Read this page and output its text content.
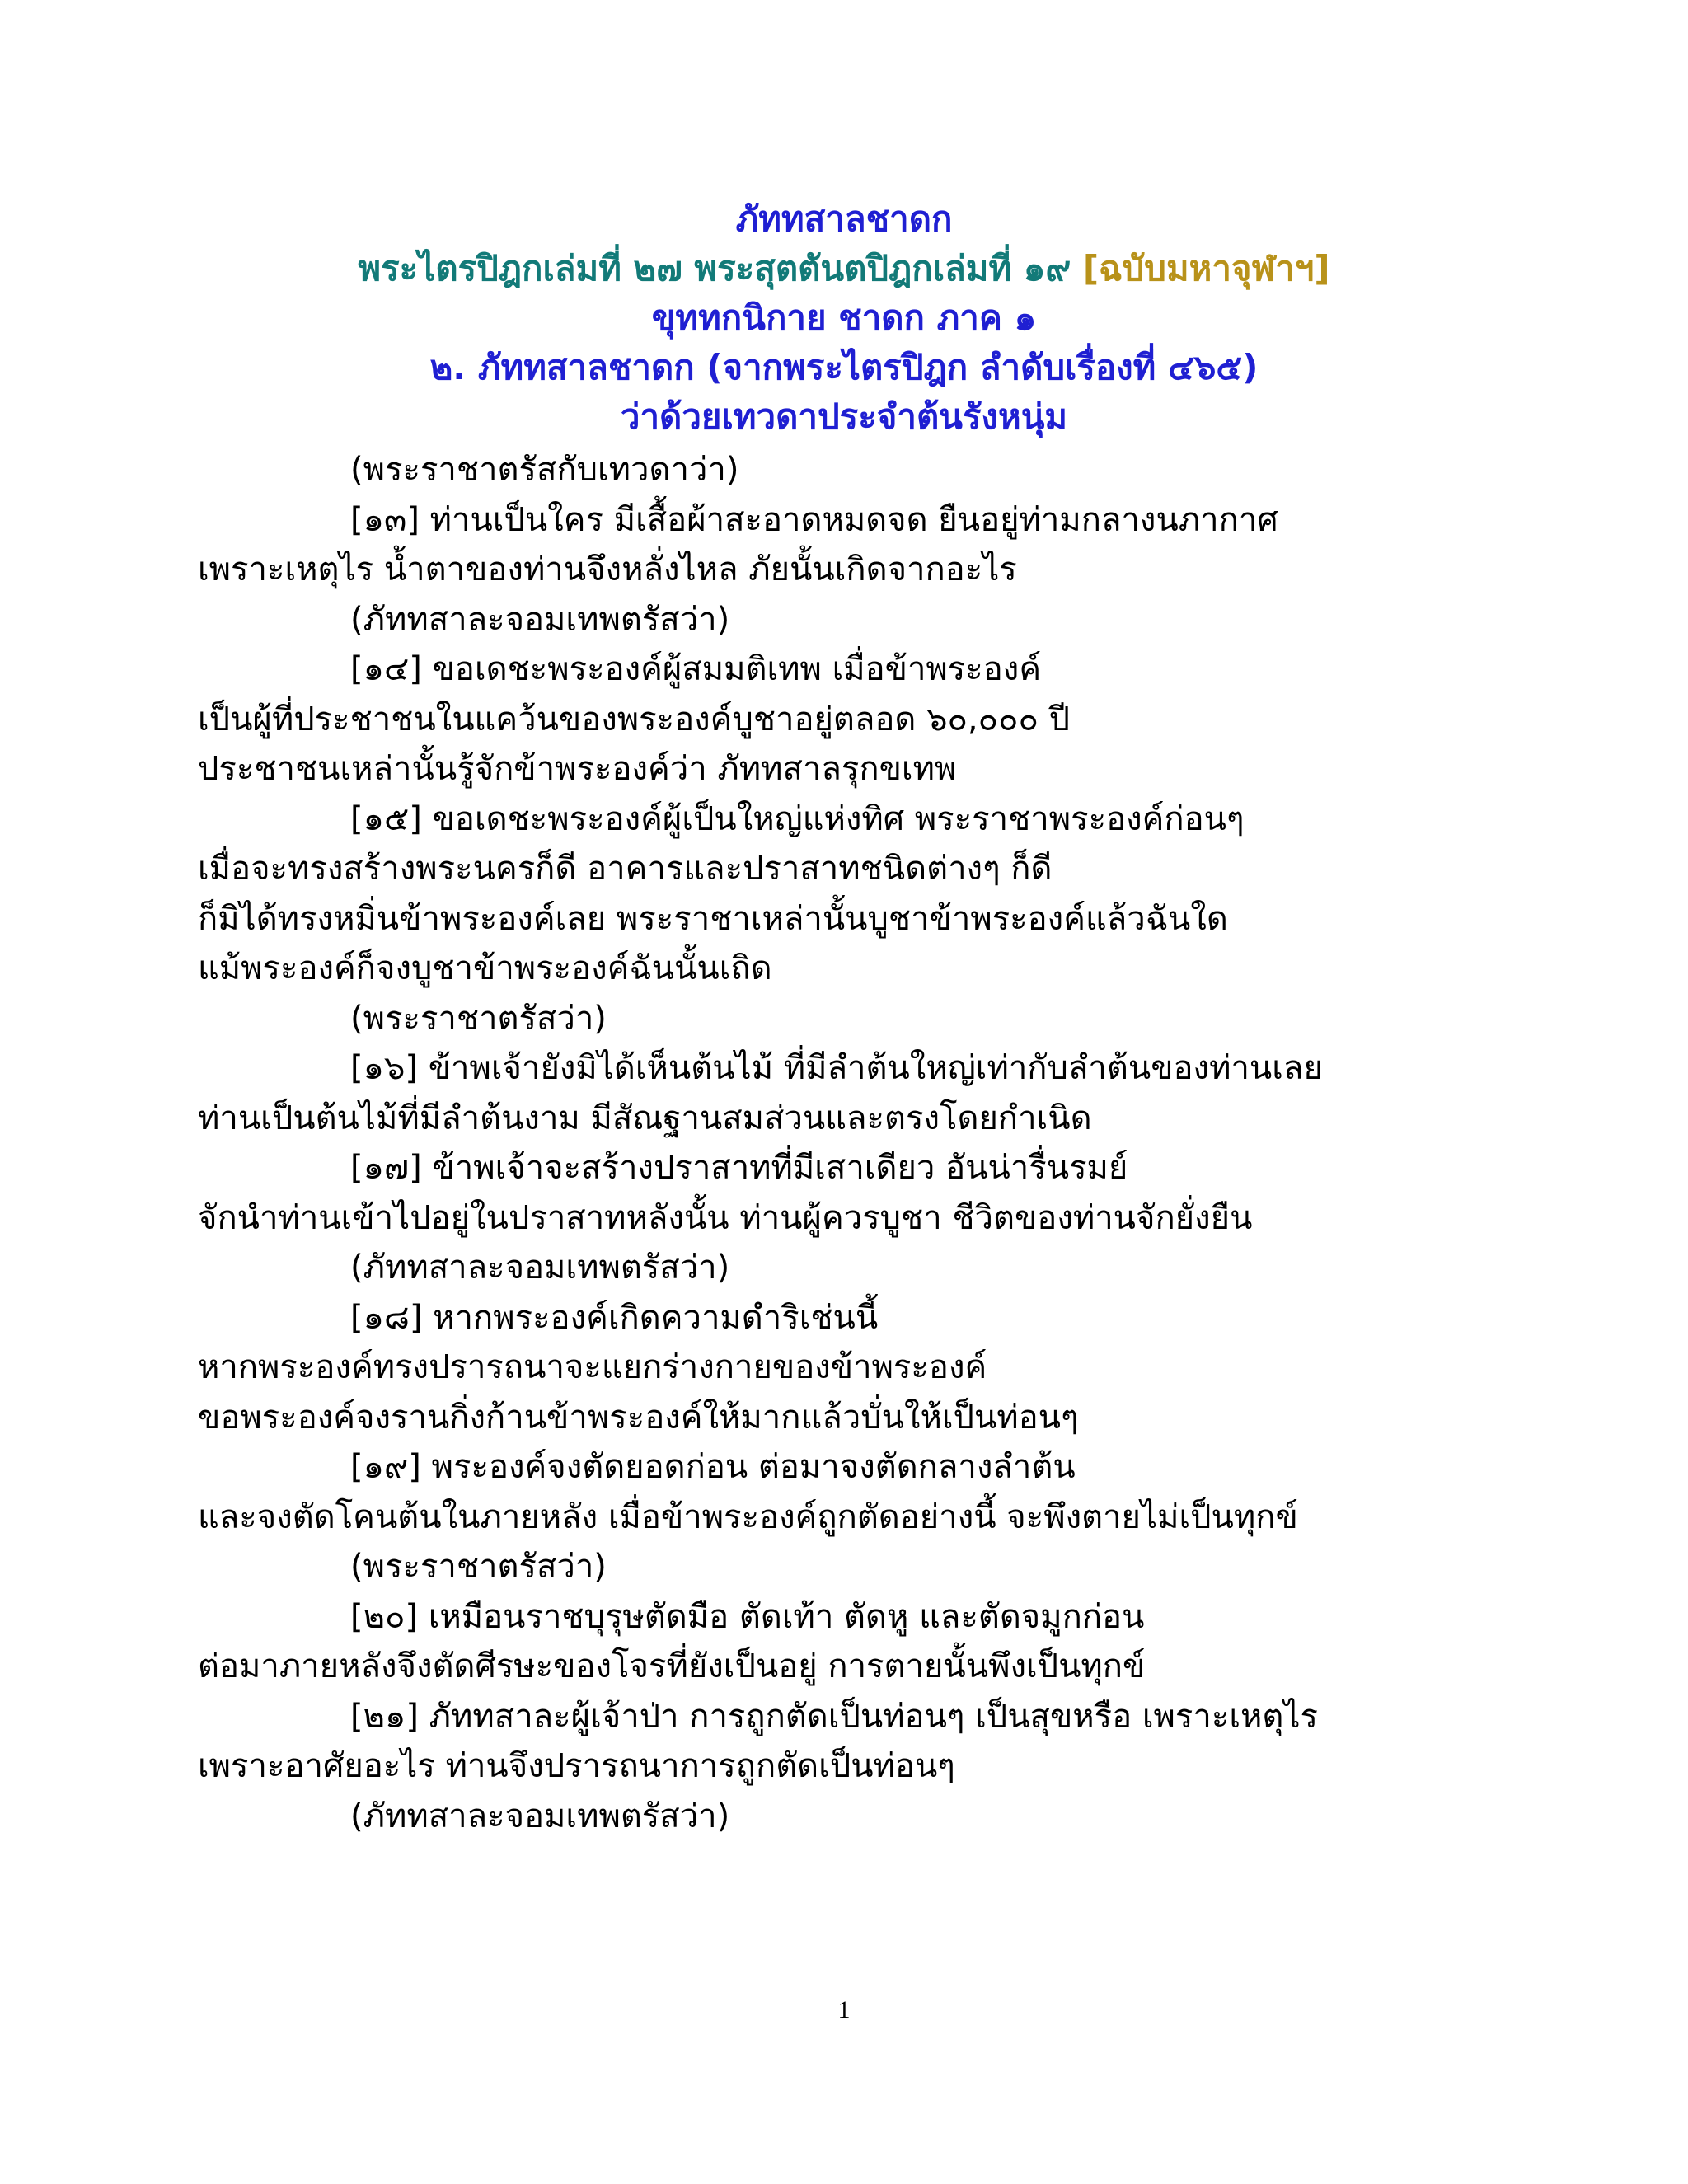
ภัททสาลชาดก
พระไตรปิฎกเล่มที่ ๒๗ พระสุตตันตปิฎกเล่มที่ ๑๙ [ฉบับมหาจุฬาฯ]
ขุททกนิกาย ชาดก ภาค ๑
๒. ภัททสาลชาดก (จากพระไตรปิฎก ลำดับเรื่องที่ ๔๖๕)
ว่าด้วยเทวดาประจำต้นรังหนุ่ม
(พระราชาตรัสกับเทวดาว่า)
[๑๓] ท่านเป็นใคร มีเสื้อผ้าสะอาดหมดจด ยืนอยู่ท่ามกลางนภากาศ
เพราะเหตุไร น้ำตาของท่านจึงหลั่งไหล ภัยนั้นเกิดจากอะไร
(ภัททสาละจอมเทพตรัสว่า)
[๑๔] ขอเดชะพระองค์ผู้สมมติเทพ เมื่อข้าพระองค์
เป็นผู้ที่ประชาชนในแคว้นของพระองค์บูชาอยู่ตลอด ๖๐,๐๐๐ ปี
ประชาชนเหล่านั้นรู้จักข้าพระองค์ว่า ภัททสาลรุกขเทพ
[๑๕] ขอเดชะพระองค์ผู้เป็นใหญ่แห่งทิศ พระราชาพระองค์ก่อนๆ
เมื่อจะทรงสร้างพระนครก็ดี อาคารและปราสาทชนิดต่างๆ ก็ดี
ก็มิได้ทรงหมิ่นข้าพระองค์เลย พระราชาเหล่านั้นบูชาข้าพระองค์แล้วฉันใด
แม้พระองค์ก็จงบูชาข้าพระองค์ฉันนั้นเถิด
(พระราชาตรัสว่า)
[๑๖] ข้าพเจ้ายังมิได้เห็นต้นไม้ ที่มีลำต้นใหญ่เท่ากับลำต้นของท่านเลย
ท่านเป็นต้นไม้ที่มีลำต้นงาม มีสัณฐานสมส่วนและตรงโดยกำเนิด
[๑๗] ข้าพเจ้าจะสร้างปราสาทที่มีเสาเดียว อันน่ารื่นรมย์
จักนำท่านเข้าไปอยู่ในปราสาทหลังนั้น ท่านผู้ควรบูชา ชีวิตของท่านจักยั่งยืน
(ภัททสาละจอมเทพตรัสว่า)
[๑๘] หากพระองค์เกิดความดำริเช่นนี้
หากพระองค์ทรงปรารถนาจะแยกร่างกายของข้าพระองค์
ขอพระองค์จงรานกิ่งก้านข้าพระองค์ให้มากแล้วบั่นให้เป็นท่อนๆ
[๑๙] พระองค์จงตัดยอดก่อน ต่อมาจงตัดกลางลำต้น
และจงตัดโคนต้นในภายหลัง เมื่อข้าพระองค์ถูกตัดอย่างนี้ จะพึงตายไม่เป็นทุกข์
(พระราชาตรัสว่า)
[๒๐] เหมือนราชบุรุษตัดมือ ตัดเท้า ตัดหู และตัดจมูกก่อน
ต่อมาภายหลังจึงตัดศีรษะของโจรที่ยังเป็นอยู่ การตายนั้นพึงเป็นทุกข์
[๒๑] ภัททสาละผู้เจ้าป่า การถูกตัดเป็นท่อนๆ เป็นสุขหรือ เพราะเหตุไร
เพราะอาศัยอะไร ท่านจึงปรารถนาการถูกตัดเป็นท่อนๆ
(ภัททสาละจอมเทพตรัสว่า)
1
